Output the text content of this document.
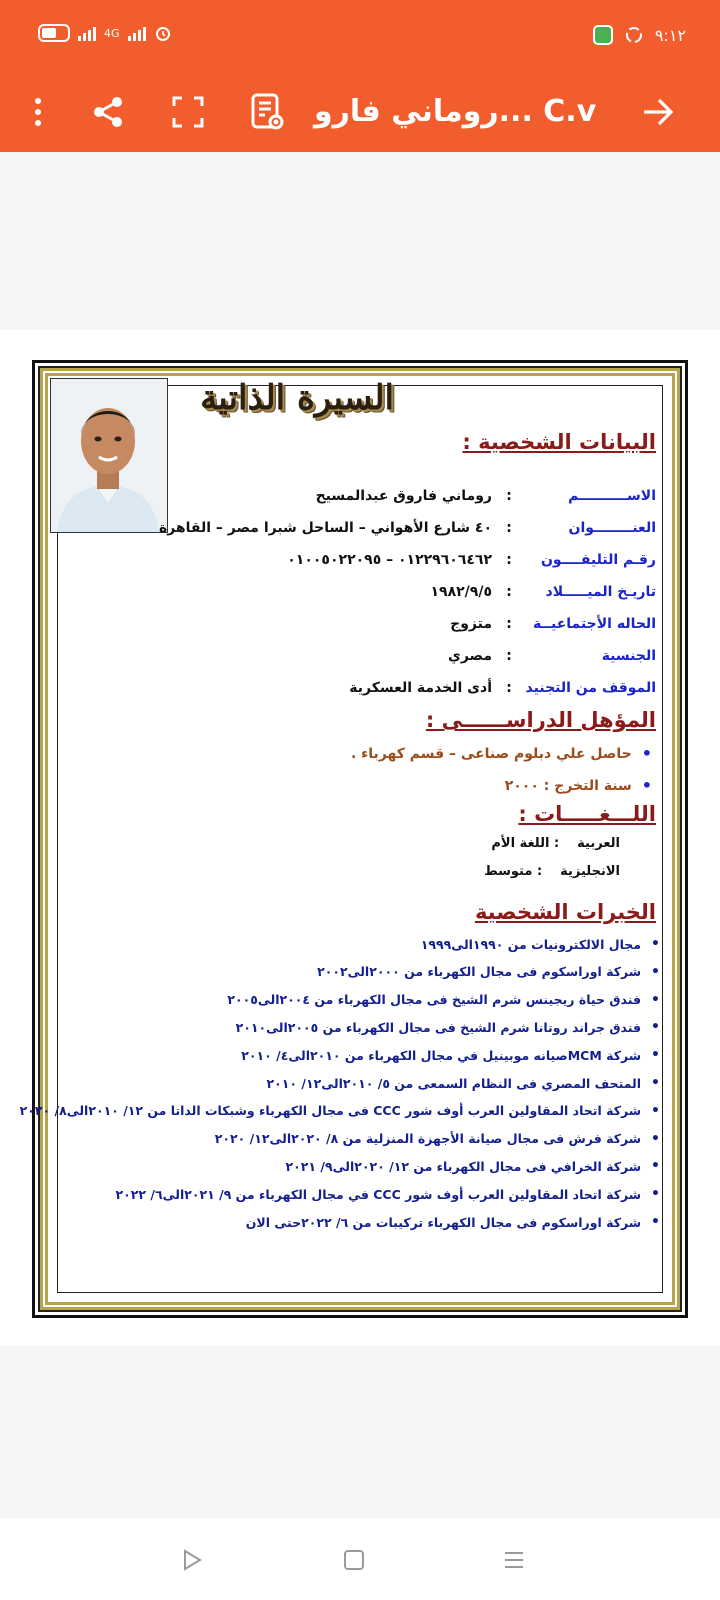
4G	٩:١٢
روماني فارو... C.v
السيرة الذاتية
البيانات الشخصية :
الاســــــــــم
:
روماني فاروق عبدالمسيح
العنــــــــوان
:
٤٠ شارع الأهواني – الساحل شبرا مصر – القاهرة
رقـم التليفــــون
:
٠١٢٢٩٦٠٦٤٦٢ – ٠١٠٠٥٠٢٢٠٩٥
تاريـخ الميـــــلاد
:
١٩٨٢/٩/٥
الحاله الأجتماعيــة
:
متزوج
الجنسية
:
مصري
الموقف من التجنيد
:
أدى الخدمة العسكرية
المؤهل الدراســــــى :
•
حاصل علي دبلوم صناعى – قسم كهرباء .
•
سنة التخرج : ٢٠٠٠
اللـــغـــــات :
العربية
: اللغة الأم
الانجليزية
: متوسط
الخبرات الشخصية
•
مجال الالكترونيات من ١٩٩٠الى١٩٩٩
•
شركة اوراسكوم فى مجال الكهرباء من ٢٠٠٠الى٢٠٠٢
•
فندق حياة ريجينس شرم الشيخ فى مجال الكهرباء من ٢٠٠٤الى٢٠٠٥
•
فندق جراند روتانا شرم الشيخ فى مجال الكهرباء من ٢٠٠٥الى٢٠١٠
•
شركة MCMصيانه موبينيل في مجال الكهرباء من ٢٠١٠الى٤/ ٢٠١٠
•
المتحف المصري فى النظام السمعى من ٥/ ٢٠١٠الى١٢/ ٢٠١٠
•
شركة اتحاد المقاولين العرب أوف شور CCC فى مجال الكهرباء وشبكات الداتا من ١٢/ ٢٠١٠الى٨/ ٢٠٢٠
•
شركة فرش فى مجال صيانة الأجهزة المنزلية من ٨/ ٢٠٢٠الى١٢/ ٢٠٢٠
•
شركة الخرافي فى مجال الكهرباء من ١٢/ ٢٠٢٠الى٩/ ٢٠٢١
•
شركة اتحاد المقاولين العرب أوف شور CCC في مجال الكهرباء من ٩/ ٢٠٢١الى٦/ ٢٠٢٢
•
شركة اوراسكوم فى مجال الكهرباء تركيبات من ٦/ ٢٠٢٢حتى الان
